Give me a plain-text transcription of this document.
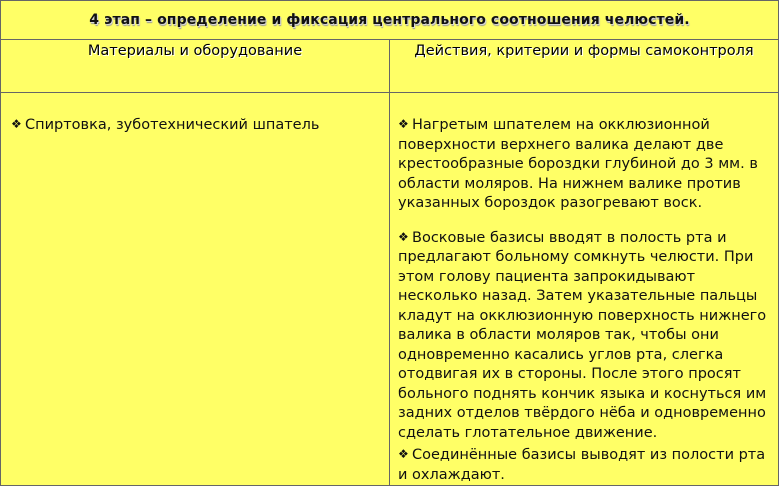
4 этап – определение и фиксация центрального соотношения челюстей.	

Материалы и оборудование	Действия, критерии и формы самоконтроля

❖ Спиртовка, зуботехнический шпатель	❖ Нагретым шпателем на окклюзионной поверхности верхнего валика делают две крестообразные бороздки глубиной до 3 мм. в области моляров. На нижнем валике против указанных бороздок разогревают воск.
❖ Восковые базисы вводят в полость рта и предлагают больному сомкнуть челюсти. При этом голову пациента запрокидывают несколько назад. Затем указательные пальцы кладут на окклюзионную поверхность нижнего валика в области моляров так, чтобы они одновременно касались углов рта, слегка отодвигая их в стороны. После этого просят больного поднять кончик языка и коснуться им задних отделов твёрдого нёба и одновременно сделать глотательное движение.
❖ Соединённые базисы выводят из полости рта и охлаждают.
